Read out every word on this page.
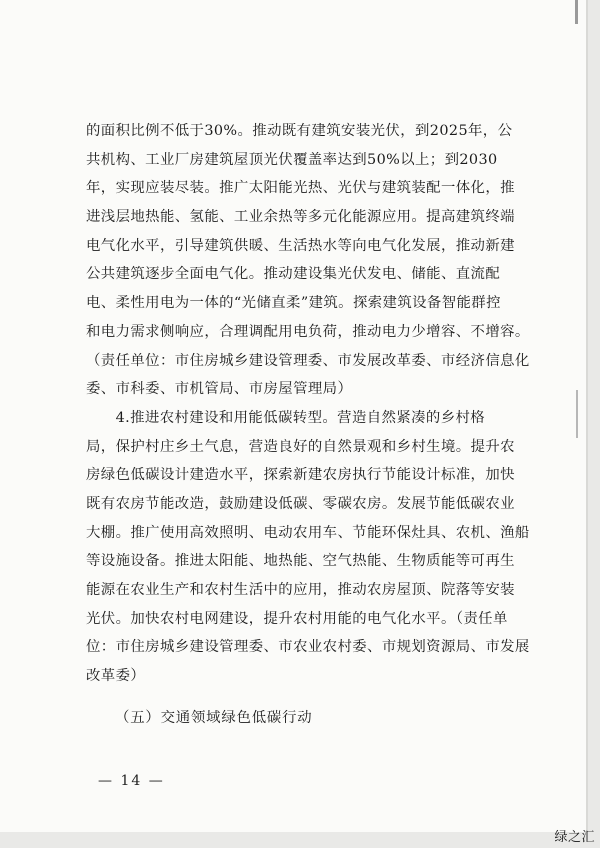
的面积比例不低于30%。推动既有建筑安装光伏，到2025年，公
共机构、工业厂房建筑屋顶光伏覆盖率达到50%以上；到2030
年，实现应装尽装。推广太阳能光热、光伏与建筑装配一体化，推
进浅层地热能、氢能、工业余热等多元化能源应用。提高建筑终端
电气化水平，引导建筑供暖、生活热水等向电气化发展，推动新建
公共建筑逐步全面电气化。推动建设集光伏发电、储能、直流配
电、柔性用电为一体的“光储直柔”建筑。探索建筑设备智能群控
和电力需求侧响应，合理调配用电负荷，推动电力少增容、不增容。
（责任单位：市住房城乡建设管理委、市发展改革委、市经济信息化
委、市科委、市机管局、市房屋管理局）
　　4.推进农村建设和用能低碳转型。营造自然紧凑的乡村格
局，保护村庄乡土气息，营造良好的自然景观和乡村生境。提升农
房绿色低碳设计建造水平，探索新建农房执行节能设计标准，加快
既有农房节能改造，鼓励建设低碳、零碳农房。发展节能低碳农业
大棚。推广使用高效照明、电动农用车、节能环保灶具、农机、渔船
等设施设备。推进太阳能、地热能、空气热能、生物质能等可再生
能源在农业生产和农村生活中的应用，推动农房屋顶、院落等安装
光伏。加快农村电网建设，提升农村用能的电气化水平。（责任单
位：市住房城乡建设管理委、市农业农村委、市规划资源局、市发展
改革委）
（五）交通领域绿色低碳行动
— 14 —
绿之汇
